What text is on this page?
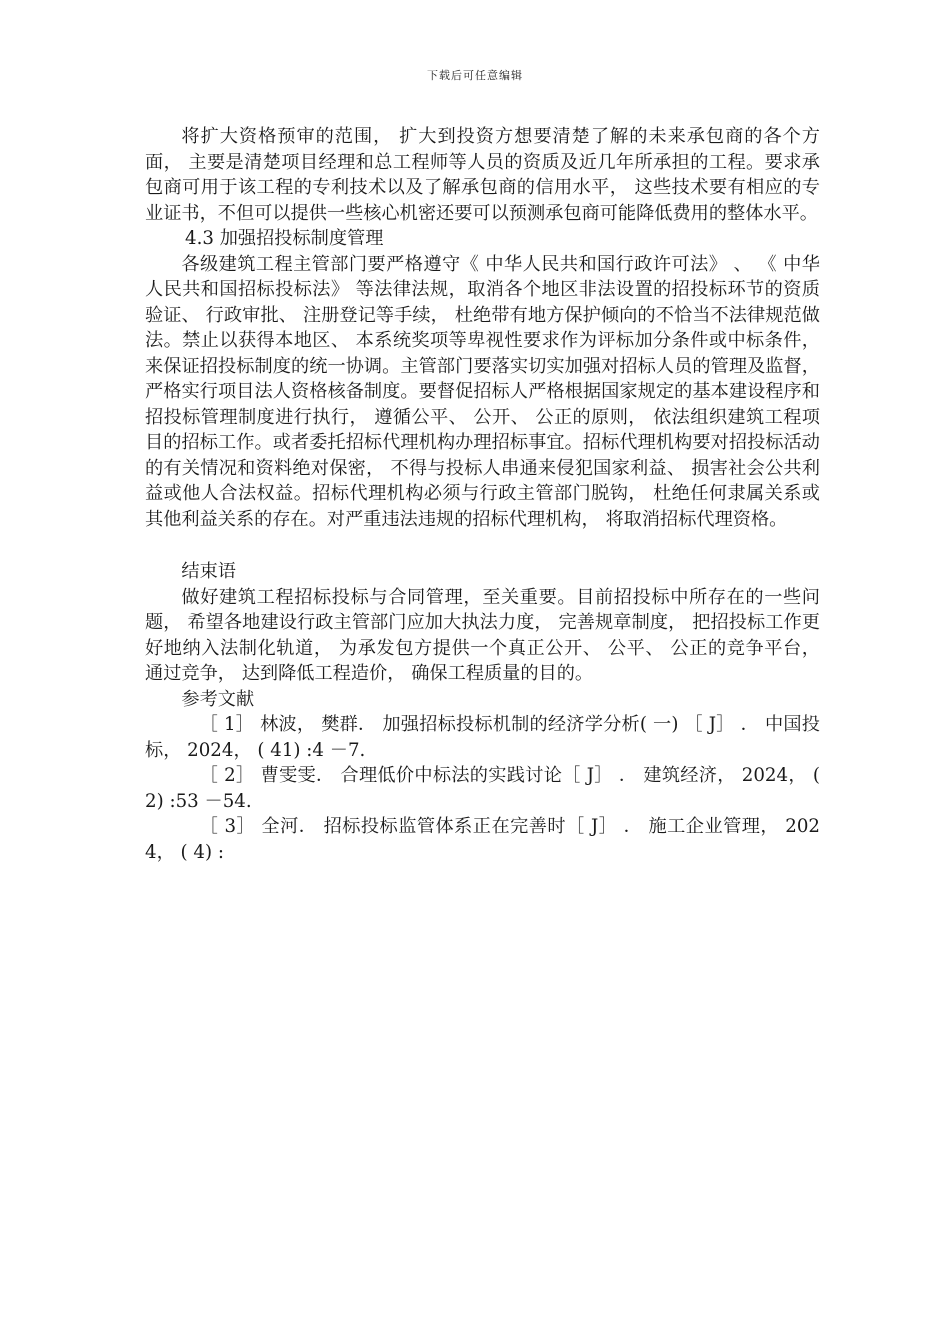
下载后可任意编辑

将扩大资格预审的范围， 扩大到投资方想要清楚了解的未来承包商的各个方面， 主要是清楚项目经理和总工程师等人员的资质及近几年所承担的工程。要求承包商可用于该工程的专利技术以及了解承包商的信用水平， 这些技术要有相应的专业证书，不但可以提供一些核心机密还要可以预测承包商可能降低费用的整体水平。

4.3 加强招投标制度管理

各级建筑工程主管部门要严格遵守《 中华人民共和国行政许可法》 、 《 中华人民共和国招标投标法》 等法律法规，取消各个地区非法设置的招投标环节的资质验证、 行政审批、 注册登记等手续， 杜绝带有地方保护倾向的不恰当不法律规范做法。禁止以获得本地区、 本系统奖项等卑视性要求作为评标加分条件或中标条件， 来保证招投标制度的统一协调。主管部门要落实切实加强对招标人员的管理及监督， 严格实行项目法人资格核备制度。要督促招标人严格根据国家规定的基本建设程序和招投标管理制度进行执行， 遵循公平、 公开、 公正的原则， 依法组织建筑工程项目的招标工作。或者委托招标代理机构办理招标事宜。招标代理机构要对招投标活动的有关情况和资料绝对保密， 不得与投标人串通来侵犯国家利益、 损害社会公共利益或他人合法权益。招标代理机构必须与行政主管部门脱钩， 杜绝任何隶属关系或其他利益关系的存在。对严重违法违规的招标代理机构， 将取消招标代理资格。

结束语

做好建筑工程招标投标与合同管理，至关重要。目前招投标中所存在的一些问题， 希望各地建设行政主管部门应加大执法力度， 完善规章制度， 把招投标工作更好地纳入法制化轨道， 为承发包方提供一个真正公开、 公平、 公正的竞争平台， 通过竞争， 达到降低工程造价， 确保工程质量的目的。

参考文献

［ 1］ 林波， 樊群． 加强招标投标机制的经济学分析( 一) ［ J］ ． 中国投标， 2024， ( 41) :4 －7.

［ 2］ 曹雯雯． 合理低价中标法的实践讨论［ J］ ． 建筑经济， 2024， ( 2) :53 －54.

［ 3］ 全河． 招标投标监管体系正在完善时［ J］ ． 施工企业管理， 2024， ( 4) :
